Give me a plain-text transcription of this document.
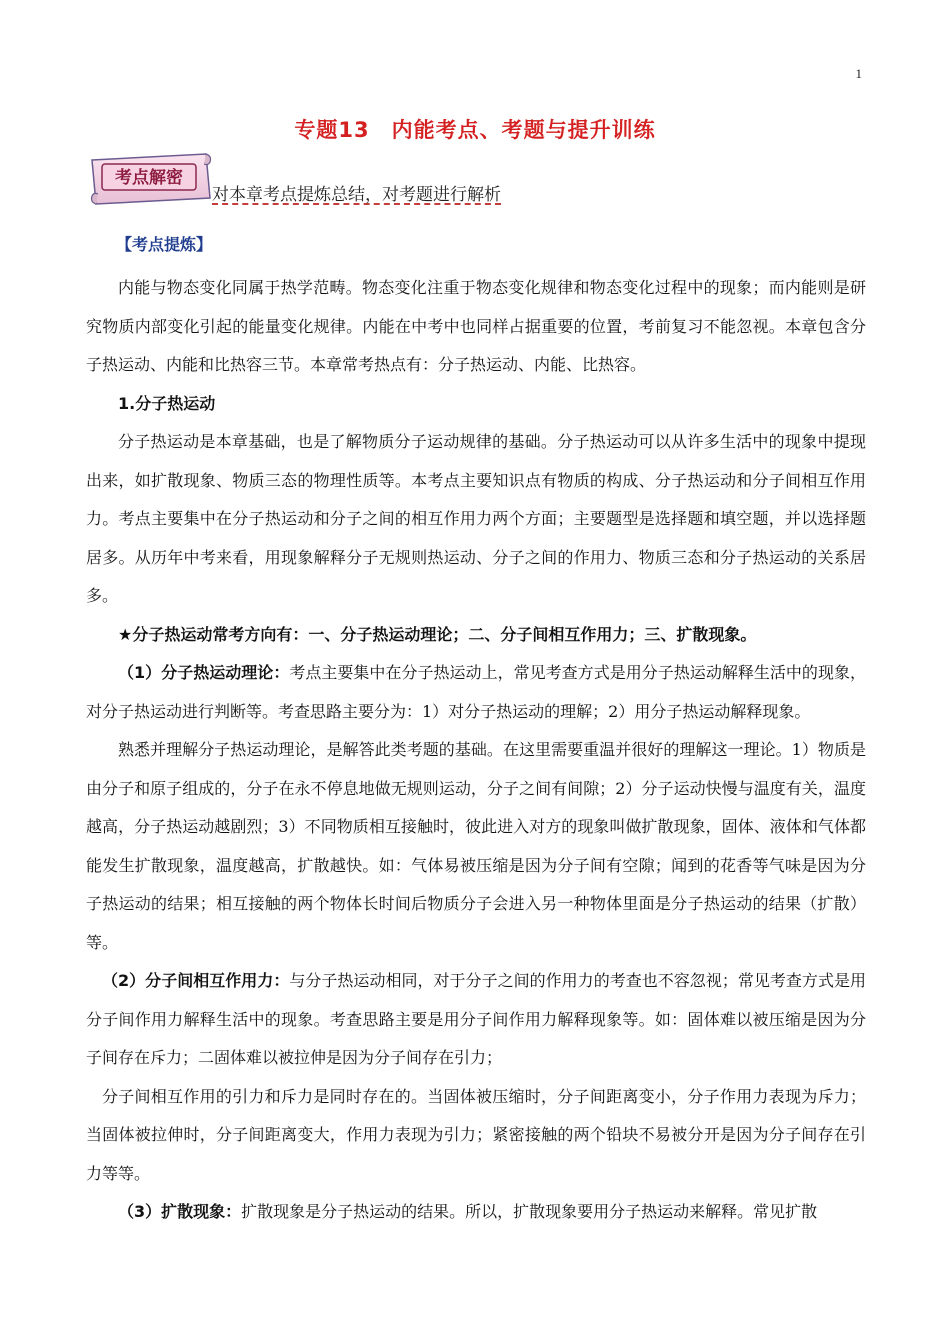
1
专题13　内能考点、考题与提升训练
考点解密
对本章考点提炼总结，对考题进行解析
【考点提炼】

内能与物态变化同属于热学范畴。物态变化注重于物态变化规律和物态变化过程中的现象；而内能则是研究物质内部变化引起的能量变化规律。内能在中考中也同样占据重要的位置，考前复习不能忽视。本章包含分子热运动、内能和比热容三节。本章常考热点有：分子热运动、内能、比热容。

1.分子热运动

分子热运动是本章基础，也是了解物质分子运动规律的基础。分子热运动可以从许多生活中的现象中提现出来，如扩散现象、物质三态的物理性质等。本考点主要知识点有物质的构成、分子热运动和分子间相互作用力。考点主要集中在分子热运动和分子之间的相互作用力两个方面；主要题型是选择题和填空题，并以选择题居多。从历年中考来看，用现象解释分子无规则热运动、分子之间的作用力、物质三态和分子热运动的关系居多。

★分子热运动常考方向有：一、分子热运动理论；二、分子间相互作用力；三、扩散现象。

（1）分子热运动理论：考点主要集中在分子热运动上，常见考查方式是用分子热运动解释生活中的现象，对分子热运动进行判断等。考查思路主要分为：1）对分子热运动的理解；2）用分子热运动解释现象。

熟悉并理解分子热运动理论，是解答此类考题的基础。在这里需要重温并很好的理解这一理论。1）物质是由分子和原子组成的，分子在永不停息地做无规则运动，分子之间有间隙；2）分子运动快慢与温度有关，温度越高，分子热运动越剧烈；3）不同物质相互接触时，彼此进入对方的现象叫做扩散现象，固体、液体和气体都能发生扩散现象，温度越高，扩散越快。如：气体易被压缩是因为分子间有空隙；闻到的花香等气味是因为分子热运动的结果；相互接触的两个物体长时间后物质分子会进入另一种物体里面是分子热运动的结果（扩散）等。

（2）分子间相互作用力：与分子热运动相同，对于分子之间的作用力的考查也不容忽视；常见考查方式是用分子间作用力解释生活中的现象。考查思路主要是用分子间作用力解释现象等。如：固体难以被压缩是因为分子间存在斥力；二固体难以被拉伸是因为分子间存在引力；

分子间相互作用的引力和斥力是同时存在的。当固体被压缩时，分子间距离变小，分子作用力表现为斥力；当固体被拉伸时，分子间距离变大，作用力表现为引力；紧密接触的两个铅块不易被分开是因为分子间存在引力等等。

（3）扩散现象：扩散现象是分子热运动的结果。所以，扩散现象要用分子热运动来解释。常见扩散
